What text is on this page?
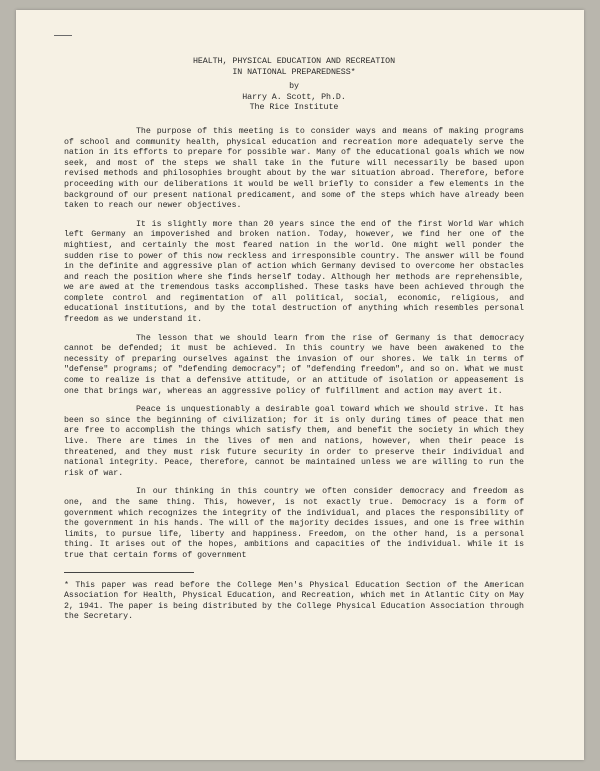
HEALTH, PHYSICAL EDUCATION AND RECREATION
IN NATIONAL PREPAREDNESS*
by
Harry A. Scott, Ph.D.
The Rice Institute

The purpose of this meeting is to consider ways and means of making programs of school and community health, physical education and recreation more adequately serve the nation in its efforts to prepare for possible war. Many of the educational goals which we now seek, and most of the steps we shall take in the future will necessarily be based upon revised methods and philosophies brought about by the war situation abroad. Therefore, before proceeding with our deliberations it would be well briefly to consider a few elements in the background of our present national predicament, and some of the steps which have already been taken to reach our newer objectives.

It is slightly more than 20 years since the end of the first World War which left Germany an impoverished and broken nation. Today, however, we find her one of the mightiest, and certainly the most feared nation in the world. One might well ponder the sudden rise to power of this now reckless and irresponsible country. The answer will be found in the definite and aggressive plan of action which Germany devised to overcome her obstacles and reach the position where she finds herself today. Although her methods are reprehensible, we are awed at the tremendous tasks accomplished. These tasks have been achieved through the complete control and regimentation of all political, social, economic, religious, and educational institutions, and by the total destruction of anything which resembles personal freedom as we understand it.

The lesson that we should learn from the rise of Germany is that democracy cannot be defended; it must be achieved. In this country we have been awakened to the necessity of preparing ourselves against the invasion of our shores. We talk in terms of "defense" programs; of "defending democracy"; of "defending freedom", and so on. What we must come to realize is that a defensive attitude, or an attitude of isolation or appeasement is one that brings war, whereas an aggressive policy of fulfillment and action may avert it.

Peace is unquestionably a desirable goal toward which we should strive. It has been so since the beginning of civilization; for it is only during times of peace that men are free to accomplish the things which satisfy them, and benefit the society in which they live. There are times in the lives of men and nations, however, when their peace is threatened, and they must risk future security in order to preserve their individual and national integrity. Peace, therefore, cannot be maintained unless we are willing to run the risk of war.

In our thinking in this country we often consider democracy and freedom as one, and the same thing. This, however, is not exactly true. Democracy is a form of government which recognizes the integrity of the individual, and places the responsibility of the government in his hands. The will of the majority decides issues, and one is free within limits, to pursue life, liberty and happiness. Freedom, on the other hand, is a personal thing. It arises out of the hopes, ambitions and capacities of the individual. While it is true that certain forms of government

* This paper was read before the College Men's Physical Education Section of the American Association for Health, Physical Education, and Recreation, which met in Atlantic City on May 2, 1941. The paper is being distributed by the College Physical Education Association through the Secretary.
